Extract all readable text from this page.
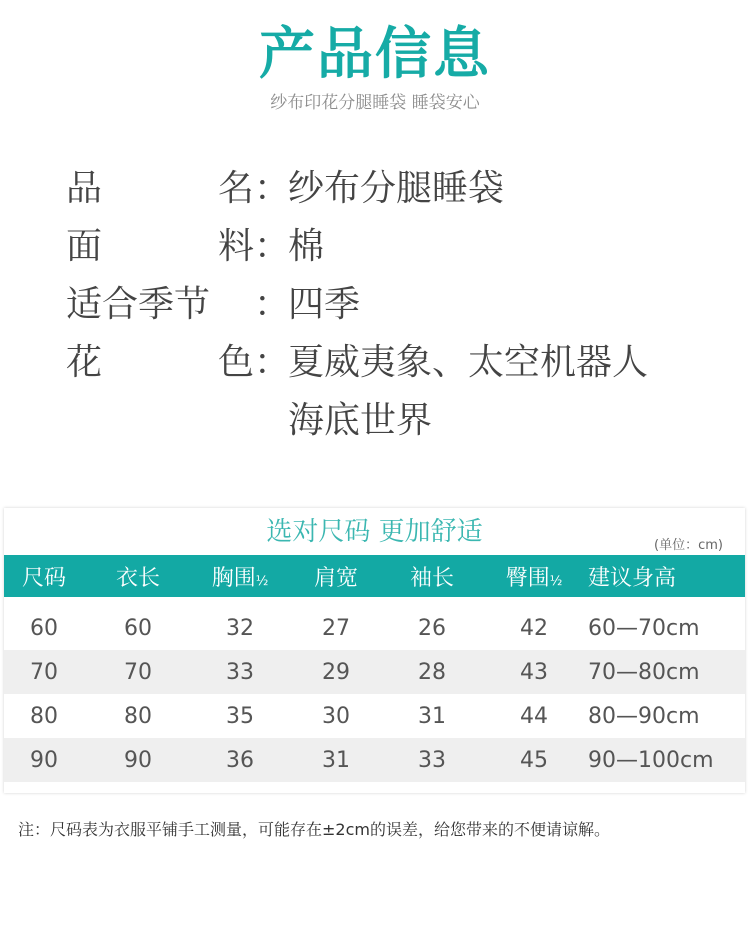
产品信息
纱布印花分腿睡袋 睡袋安心
品	名 ：
纱布分腿睡袋
面	料 ：
棉
适合季节 ：
四季
花	色 ：
夏威夷象、太空机器人
海底世界
选对尺码 更加舒适	(单位：cm)
尺码	衣长	胸围½	肩宽	袖长	臀围½	建议身高
60	60	32	27	26	42	60—70cm
70	70	33	29	28	43	70—80cm
80	80	35	30	31	44	80—90cm
90	90	36	31	33	45	90—100cm
注：尺码表为衣服平铺手工测量，可能存在±2cm的误差，给您带来的不便请谅解。
